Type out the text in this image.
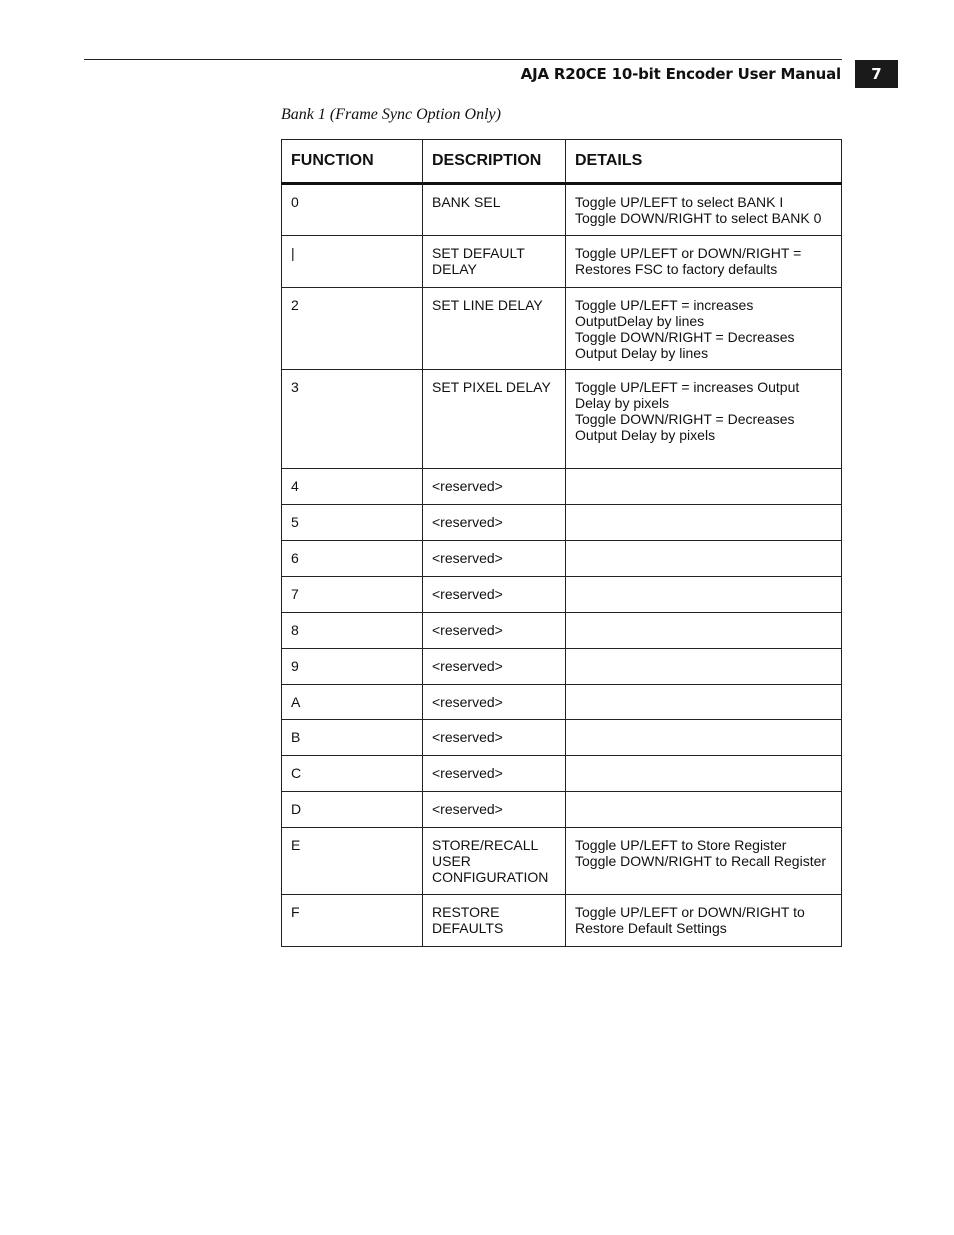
AJA R20CE 10-bit Encoder User Manual 7
Bank 1 (Frame Sync Option Only)
FUNCTION	DESCRIPTION	DETAILS
0	BANK SEL	Toggle UP/LEFT to select BANK I
Toggle DOWN/RIGHT to select BANK 0

|	SET DEFAULT
DELAY	Toggle UP/LEFT or DOWN/RIGHT =
Restores FSC to factory defaults

2	SET LINE DELAY	Toggle UP/LEFT = increases
OutputDelay by lines
Toggle DOWN/RIGHT = Decreases
Output Delay by lines

3	SET PIXEL DELAY	Toggle UP/LEFT = increases Output
Delay by pixels
Toggle DOWN/RIGHT = Decreases
Output Delay by pixels

4	<reserved>	

5	<reserved>	

6	<reserved>	

7	<reserved>	

8	<reserved>	

9	<reserved>	

A	<reserved>	

B	<reserved>	

C	<reserved>	

D	<reserved>	

E	STORE/RECALL
USER
CONFIGURATION	Toggle UP/LEFT to Store Register
Toggle DOWN/RIGHT to Recall Register

F	RESTORE
DEFAULTS	Toggle UP/LEFT or DOWN/RIGHT to
Restore Default Settings
